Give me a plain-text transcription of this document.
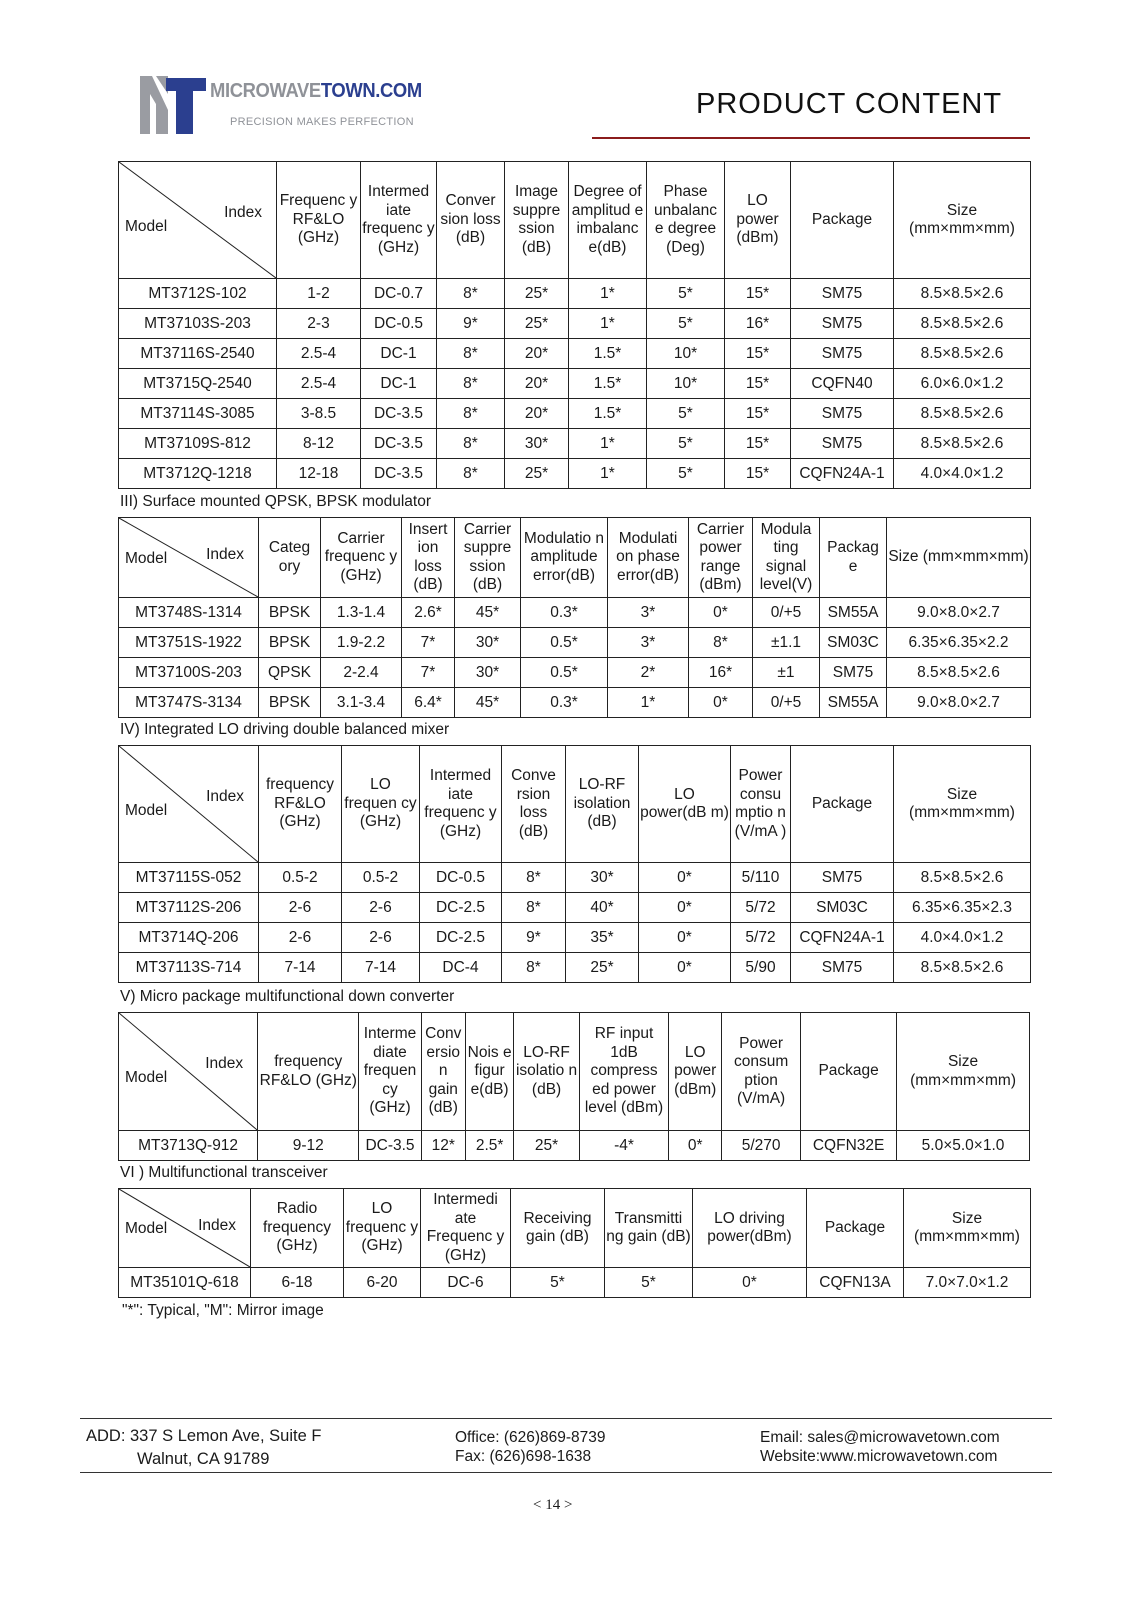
MICROWAVETOWN.COM
PRECISION MAKES PERFECTION
PRODUCT CONTENT
Index
Model	Frequenc y RF&LO (GHz)	Intermed iate frequenc y (GHz)	Conver sion loss (dB)	Image suppre ssion (dB)	Degree of amplitud e imbalanc e(dB)	Phase unbalanc e degree (Deg)	LO power (dBm)	Package	Size (mm×mm×mm)
MT3712S-102	1-2	DC-0.7	8*	25*	1*	5*	15*	SM75	8.5×8.5×2.6
MT37103S-203	2-3	DC-0.5	9*	25*	1*	5*	16*	SM75	8.5×8.5×2.6
MT37116S-2540	2.5-4	DC-1	8*	20*	1.5*	10*	15*	SM75	8.5×8.5×2.6
MT3715Q-2540	2.5-4	DC-1	8*	20*	1.5*	10*	15*	CQFN40	6.0×6.0×1.2
MT37114S-3085	3-8.5	DC-3.5	8*	20*	1.5*	5*	15*	SM75	8.5×8.5×2.6
MT37109S-812	8-12	DC-3.5	8*	30*	1*	5*	15*	SM75	8.5×8.5×2.6
MT3712Q-1218	12-18	DC-3.5	8*	25*	1*	5*	15*	CQFN24A-1	4.0×4.0×1.2
III) Surface mounted QPSK, BPSK modulator
Index
Model	Categ ory	Carrier frequenc y (GHz)	Insert ion loss (dB)	Carrier suppre ssion (dB)	Modulatio n amplitude error(dB)	Modulati on phase error(dB)	Carrier power range (dBm)	Modula ting signal level(V)	Packag e	Size (mm×mm×mm)
MT3748S-1314	BPSK	1.3-1.4	2.6*	45*	0.3*	3*	0*	0/+5	SM55A	9.0×8.0×2.7
MT3751S-1922	BPSK	1.9-2.2	7*	30*	0.5*	3*	8*	±1.1	SM03C	6.35×6.35×2.2
MT37100S-203	QPSK	2-2.4	7*	30*	0.5*	2*	16*	±1	SM75	8.5×8.5×2.6
MT3747S-3134	BPSK	3.1-3.4	6.4*	45*	0.3*	1*	0*	0/+5	SM55A	9.0×8.0×2.7
IV) Integrated LO driving double balanced mixer
Index
Model	frequency RF&LO (GHz)	LO frequen cy (GHz)	Intermed iate frequenc y (GHz)	Conve rsion loss (dB)	LO-RF isolation (dB)	LO power(dB m)	Power consu mptio n (V/mA )	Package	Size (mm×mm×mm)
MT37115S-052	0.5-2	0.5-2	DC-0.5	8*	30*	0*	5/110	SM75	8.5×8.5×2.6
MT37112S-206	2-6	2-6	DC-2.5	8*	40*	0*	5/72	SM03C	6.35×6.35×2.3
MT3714Q-206	2-6	2-6	DC-2.5	9*	35*	0*	5/72	CQFN24A-1	4.0×4.0×1.2
MT37113S-714	7-14	7-14	DC-4	8*	25*	0*	5/90	SM75	8.5×8.5×2.6
V) Micro package multifunctional down converter
Index
Model	frequency RF&LO (GHz)	Interme diate frequen cy (GHz)	Conv ersio n gain (dB)	Nois e figur e(dB)	LO-RF isolatio n (dB)	RF input 1dB compress ed power level (dBm)	LO power (dBm)	Power consum ption (V/mA)	Package	Size (mm×mm×mm)
MT3713Q-912	9-12	DC-3.5	12*	2.5*	25*	-4*	0*	5/270	CQFN32E	5.0×5.0×1.0
VI ) Multifunctional transceiver
Index
Model	Radio frequency (GHz)	LO frequenc y (GHz)	Intermedi ate Frequenc y (GHz)	Receiving gain (dB)	Transmitti ng gain (dB)	LO driving power(dBm)	Package	Size (mm×mm×mm)
MT35101Q-618	6-18	6-20	DC-6	5*	5*	0*	CQFN13A	7.0×7.0×1.2
"*": Typical, "M": Mirror image
ADD: 337 S Lemon Ave, Suite F
Walnut, CA 91789
Office: (626)869-8739
Fax: (626)698-1638
Email: sales@microwavetown.com
Website:www.microwavetown.com
< 14 >
